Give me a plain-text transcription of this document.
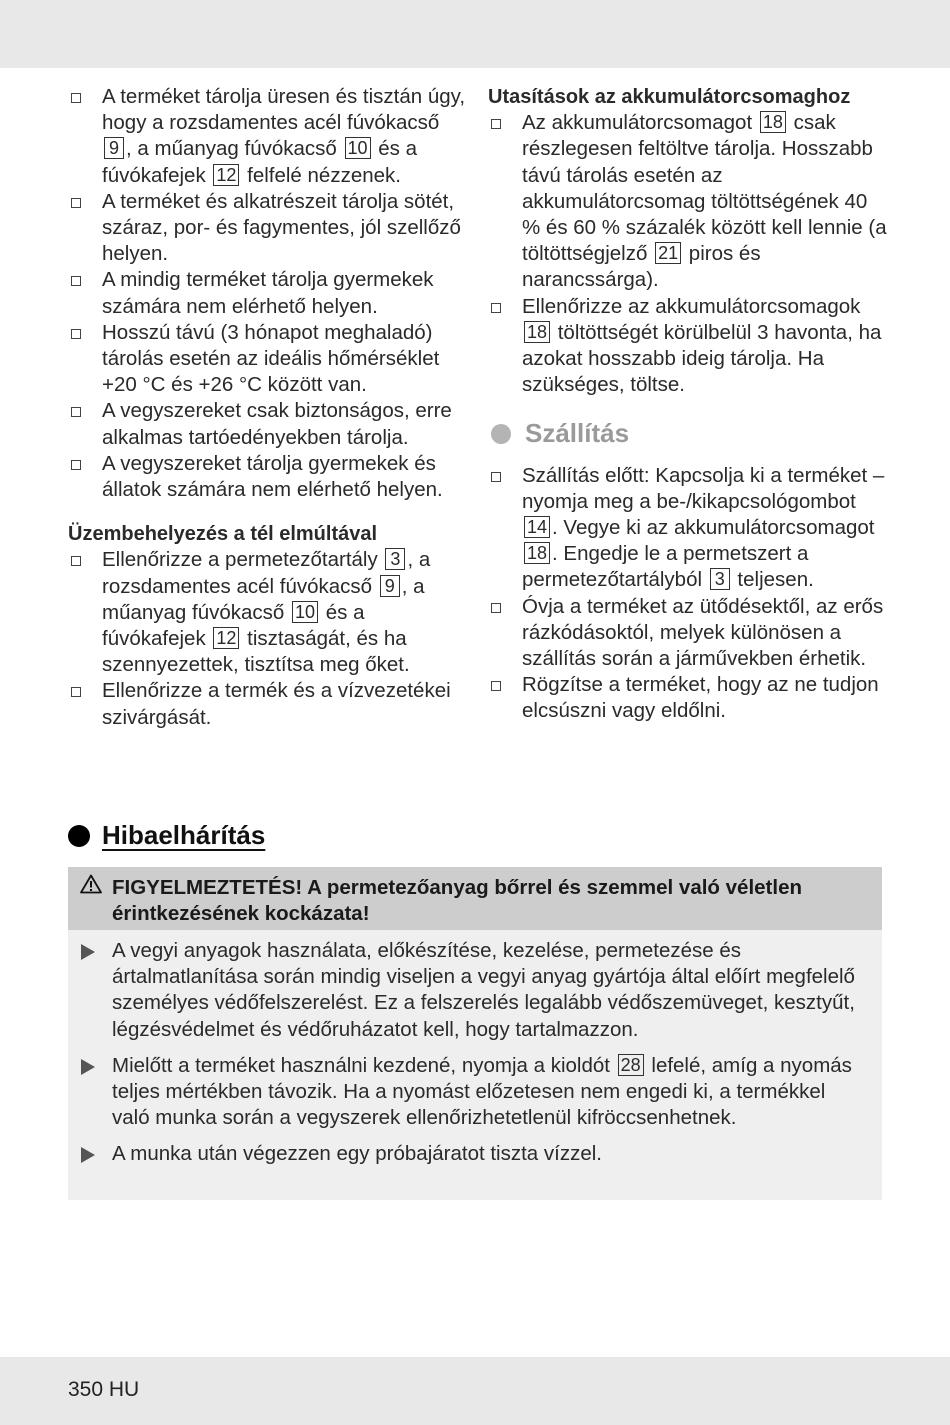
A terméket tárolja üresen és tisztán úgy, hogy a rozsdamentes acél fúvókacső 9 , a műanyag fúvókacső 10 és a fúvókafejek 12 felfelé nézzenek.
A terméket és alkatrészeit tárolja sötét, száraz, por- és fagymentes, jól szellőző helyen.
A mindig terméket tárolja gyermekek számára nem elérhető helyen.
Hosszú távú (3 hónapot meghaladó) tárolás esetén az ideális hőmérséklet +20 °C és +26 °C között van.
A vegyszereket csak biztonságos, erre alkalmas tartóedényekben tárolja.
A vegyszereket tárolja gyermekek és állatok számára nem elérhető helyen.
Üzembehelyezés a tél elmúltával
Ellenőrizze a permetezőtartály 3 , a rozsdamentes acél fúvókacső 9 , a műanyag fúvókacső 10 és a fúvókafejek 12 tisztaságát, és ha szennyezettek, tisztítsa meg őket.
Ellenőrizze a termék és a vízvezetékei szivárgását.
Utasítások az akkumulátorcsomaghoz
Az akkumulátorcsomagot 18 csak részlegesen feltöltve tárolja. Hosszabb távú tárolás esetén az akkumulátorcsomag töltöttségének 40 % és 60 % százalék között kell lennie (a töltöttségjelző 21 piros és narancssárga).
Ellenőrizze az akkumulátorcsomagok 18 töltöttségét körülbelül 3 havonta, ha azokat hosszabb ideig tárolja. Ha szükséges, töltse.
Szállítás
Szállítás előtt: Kapcsolja ki a terméket – nyomja meg a be-/kikapcsológombot 14 . Vegye ki az akkumulátorcsomagot 18 . Engedje le a permetszert a permetezőtartályból 3 teljesen.
Óvja a terméket az ütődésektől, az erős rázkódásoktól, melyek különösen a szállítás során a járművekben érhetik.
Rögzítse a terméket, hogy az ne tudjon elcsúszni vagy eldőlni.
Hibaelhárítás
FIGYELMEZTETÉS! A permetezőanyag bőrrel és szemmel való véletlen érintkezésének kockázata!
A vegyi anyagok használata, előkészítése, kezelése, permetezése és ártalmatlanítása során mindig viseljen a vegyi anyag gyártója által előírt megfelelő személyes védőfelszerelést. Ez a felszerelés legalább védőszemüveget, kesztyűt, légzésvédelmet és védőruházatot kell, hogy tartalmazzon.
Mielőtt a terméket használni kezdené, nyomja a kioldót 28 lefelé, amíg a nyomás teljes mértékben távozik. Ha a nyomást előzetesen nem engedi ki, a termékkel való munka során a vegyszerek ellenőrizhetetlenül kifröccsenhetnek.
A munka után végezzen egy próbajáratot tiszta vízzel.
350 HU
